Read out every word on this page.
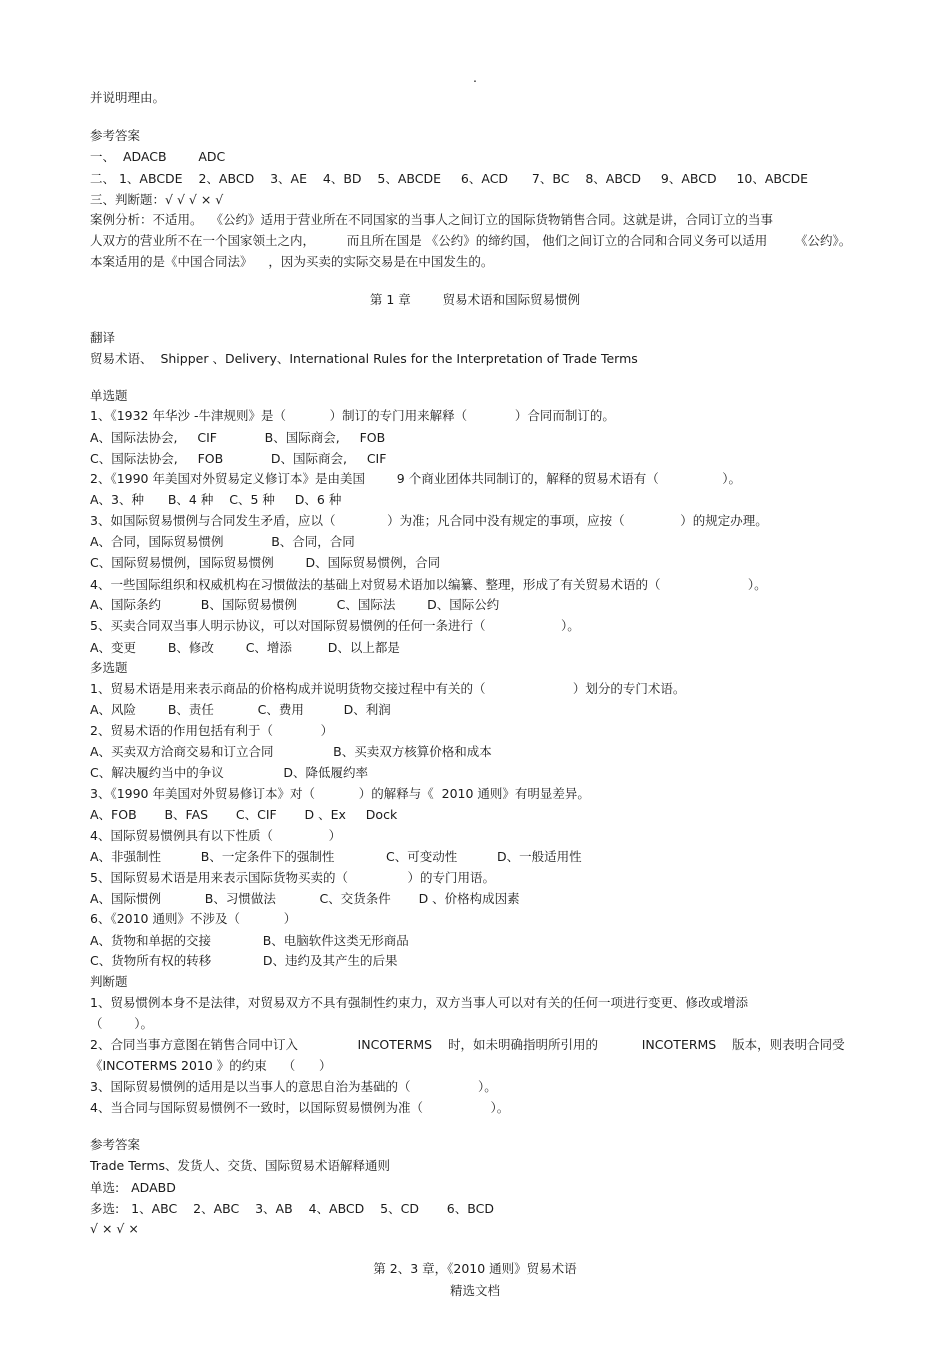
.
并说明理由。
参考答案
一、  ADACB        ADC
二、 1、ABCDE    2、ABCD    3、AE    4、BD    5、ABCDE     6、ACD      7、BC    8、ABCD     9、ABCD     10、ABCDE
三、判断题：√ √ √ × √
案例分析：不适用。  《公约》适用于营业所在不同国家的当事人之间订立的国际货物销售合同。这就是讲，合同订立的当事
人双方的营业所不在一个国家领土之内，        而且所在国是 《公约》的缔约国， 他们之间订立的合同和合同义务可以适用       《公约》。
本案适用的是《中国合同法》    ，因为买卖的实际交易是在中国发生的。
第 1 章        贸易术语和国际贸易惯例
翻译
贸易术语、  Shipper 、Delivery、International Rules for the Interpretation of Trade Terms
单选题
1、《1932 年华沙 -牛津规则》是（           ）制订的专门用来解释（            ）合同而制订的。
A、国际法协会,     CIF            B、国际商会,     FOB
C、国际法协会,     FOB            D、国际商会,     CIF
2、《1990 年美国对外贸易定义修订本》是由美国        9 个商业团体共同制订的，解释的贸易术语有（                ）。
A、3、种      B、4 种    C、5 种     D、6 种
3、如国际贸易惯例与合同发生矛盾，应以（             ）为准；凡合同中没有规定的事项，应按（              ）的规定办理。
A、合同，国际贸易惯例            B、合同，合同
C、国际贸易惯例，国际贸易惯例        D、国际贸易惯例，合同
4、一些国际组织和权威机构在习惯做法的基础上对贸易术语加以编纂、整理，形成了有关贸易术语的（                      ）。
A、国际条约          B、国际贸易惯例          C、国际法        D、国际公约
5、买卖合同双当事人明示协议，可以对国际贸易惯例的任何一条进行（                   ）。
A、变更        B、修改        C、增添         D、以上都是
多选题
1、贸易术语是用来表示商品的价格构成并说明货物交接过程中有关的（                      ）划分的专门术语。
A、风险        B、责任           C、费用          D、利润
2、贸易术语的作用包括有利于（            ）
A、买卖双方洽商交易和订立合同               B、买卖双方核算价格和成本
C、解决履约当中的争议               D、降低履约率
3、《1990 年美国对外贸易修订本》对（           ）的解释与《  2010 通则》有明显差异。
A、FOB       B、FAS       C、CIF       D 、Ex     Dock
4、国际贸易惯例具有以下性质（              ）
A、非强制性          B、一定条件下的强制性             C、可变动性          D、一般适用性
5、国际贸易术语是用来表示国际货物买卖的（               ）的专门用语。
A、国际惯例           B、习惯做法           C、交货条件       D 、价格构成因素
6、《2010 通则》不涉及（           ）
A、货物和单据的交接             B、电脑软件这类无形商品
C、货物所有权的转移             D、违约及其产生的后果
判断题
1、贸易惯例本身不是法律，对贸易双方不具有强制性约束力，双方当事人可以对有关的任何一项进行变更、修改或增添
（        ）。
2、合同当事方意图在销售合同中订入               INCOTERMS    时，如未明确指明所引用的           INCOTERMS    版本，则表明合同受
《INCOTERMS 2010 》的约束    （      ）
3、国际贸易惯例的适用是以当事人的意思自治为基础的（                 ）。
4、当合同与国际贸易惯例不一致时，以国际贸易惯例为准（                 ）。
参考答案
Trade Terms、发货人、交货、国际贸易术语解释通则
单选:   ADABD
多选:   1、ABC    2、ABC    3、AB    4、ABCD    5、CD       6、BCD
√ × √ ×
第 2、3 章，《2010 通则》贸易术语
精选文档
